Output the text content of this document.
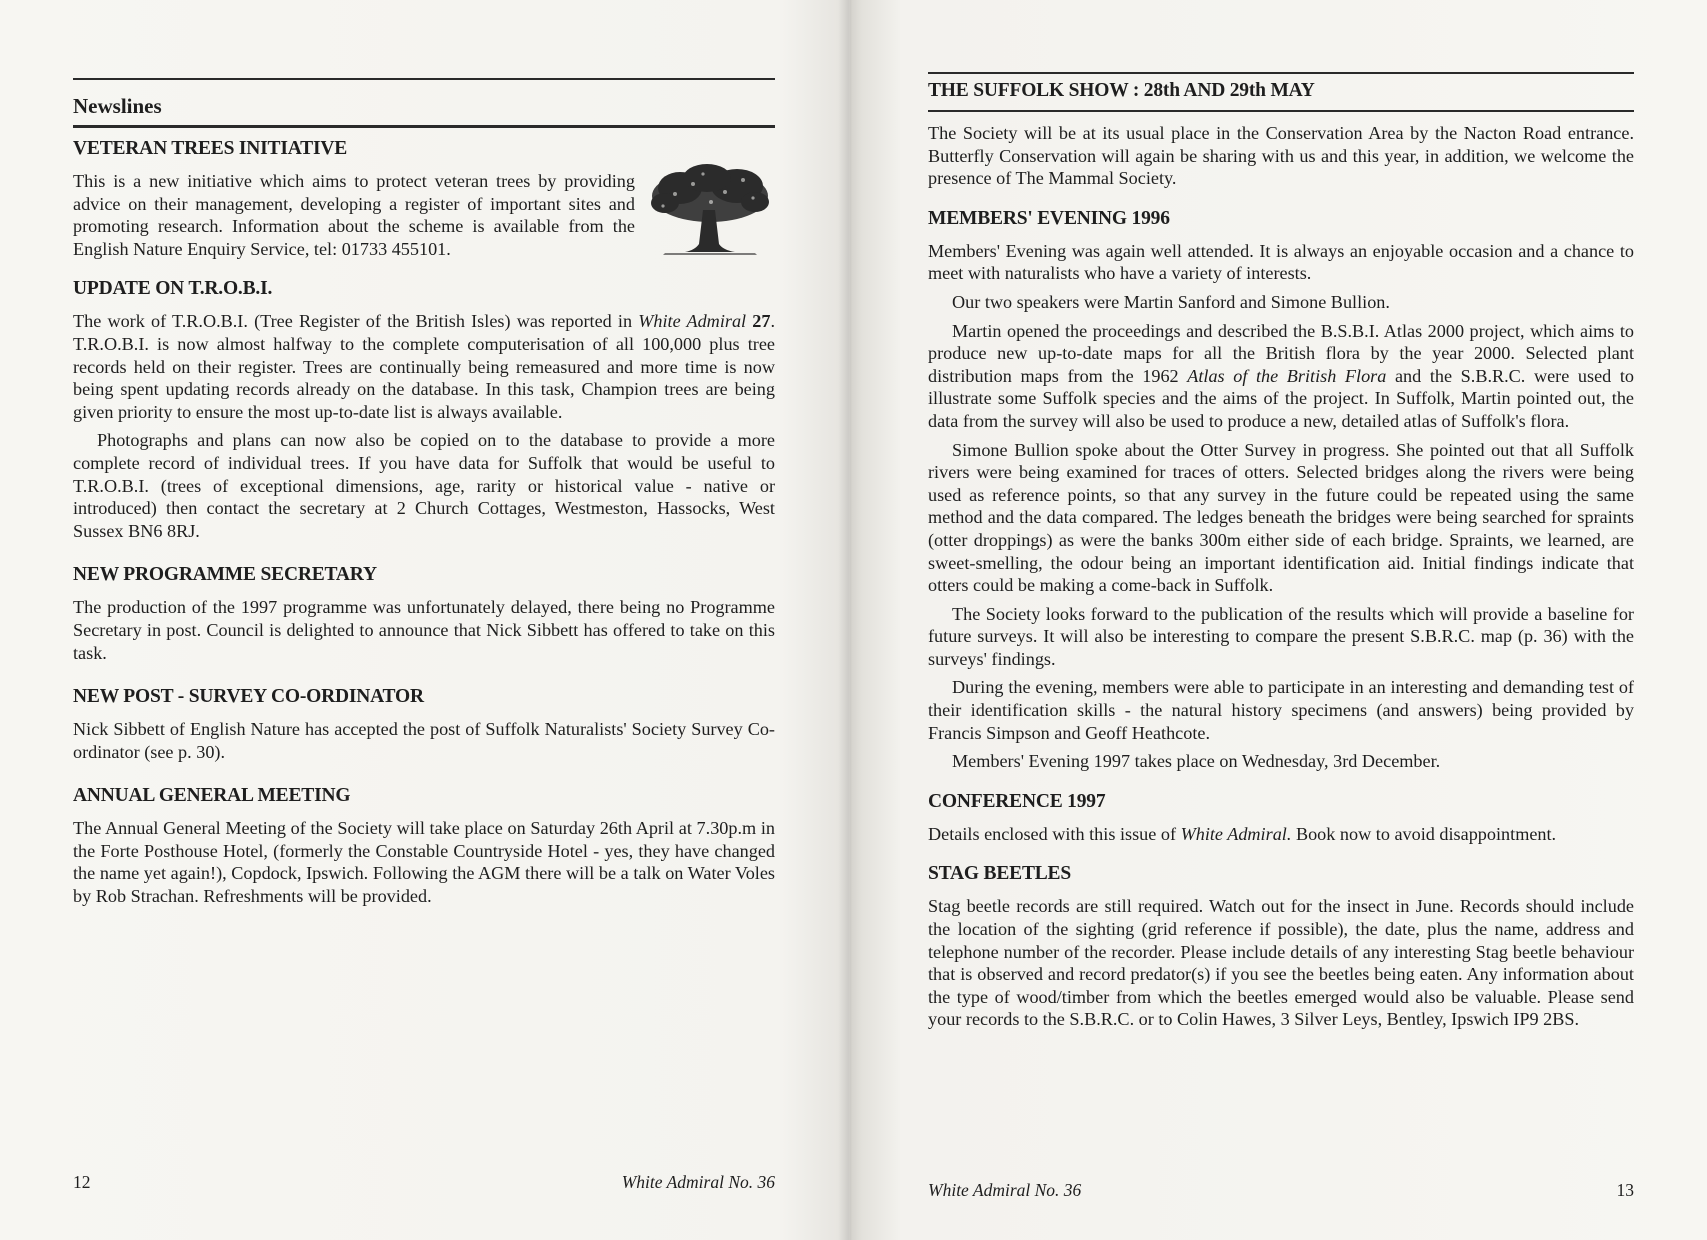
Newslines
VETERAN TREES INITIATIVE

This is a new initiative which aims to protect veteran trees by providing advice on their management, developing a register of important sites and promoting research. Information about the scheme is available from the English Nature Enquiry Service, tel: 01733 455101.

UPDATE ON T.R.O.B.I.

The work of T.R.O.B.I. (Tree Register of the British Isles) was reported in White Admiral 27. T.R.O.B.I. is now almost halfway to the complete computerisation of all 100,000 plus tree records held on their register. Trees are continually being remeasured and more time is now being spent updating records already on the database. In this task, Champion trees are being given priority to ensure the most up-to-date list is always available.

Photographs and plans can now also be copied on to the database to provide a more complete record of individual trees. If you have data for Suffolk that would be useful to T.R.O.B.I. (trees of exceptional dimensions, age, rarity or historical value - native or introduced) then contact the secretary at 2 Church Cottages, Westmeston, Hassocks, West Sussex BN6 8RJ.

NEW PROGRAMME SECRETARY

The production of the 1997 programme was unfortunately delayed, there being no Programme Secretary in post. Council is delighted to announce that Nick Sibbett has offered to take on this task.

NEW POST - SURVEY CO-ORDINATOR

Nick Sibbett of English Nature has accepted the post of Suffolk Naturalists' Society Survey Co-ordinator (see p. 30).

ANNUAL GENERAL MEETING

The Annual General Meeting of the Society will take place on Saturday 26th April at 7.30p.m in the Forte Posthouse Hotel, (formerly the Constable Countryside Hotel - yes, they have changed the name yet again!), Copdock, Ipswich. Following the AGM there will be a talk on Water Voles by Rob Strachan. Refreshments will be provided.

12	White Admiral No. 36
THE SUFFOLK SHOW : 28th AND 29th MAY

The Society will be at its usual place in the Conservation Area by the Nacton Road entrance. Butterfly Conservation will again be sharing with us and this year, in addition, we welcome the presence of The Mammal Society.

MEMBERS' EVENING 1996

Members' Evening was again well attended. It is always an enjoyable occasion and a chance to meet with naturalists who have a variety of interests.

Our two speakers were Martin Sanford and Simone Bullion.

Martin opened the proceedings and described the B.S.B.I. Atlas 2000 project, which aims to produce new up-to-date maps for all the British flora by the year 2000. Selected plant distribution maps from the 1962 Atlas of the British Flora and the S.B.R.C. were used to illustrate some Suffolk species and the aims of the project. In Suffolk, Martin pointed out, the data from the survey will also be used to produce a new, detailed atlas of Suffolk's flora.

Simone Bullion spoke about the Otter Survey in progress. She pointed out that all Suffolk rivers were being examined for traces of otters. Selected bridges along the rivers were being used as reference points, so that any survey in the future could be repeated using the same method and the data compared. The ledges beneath the bridges were being searched for spraints (otter droppings) as were the banks 300m either side of each bridge. Spraints, we learned, are sweet-smelling, the odour being an important identification aid. Initial findings indicate that otters could be making a come-back in Suffolk.

The Society looks forward to the publication of the results which will provide a baseline for future surveys. It will also be interesting to compare the present S.B.R.C. map (p. 36) with the surveys' findings.

During the evening, members were able to participate in an interesting and demanding test of their identification skills - the natural history specimens (and answers) being provided by Francis Simpson and Geoff Heathcote.

Members' Evening 1997 takes place on Wednesday, 3rd December.

CONFERENCE 1997

Details enclosed with this issue of White Admiral. Book now to avoid disappointment.

STAG BEETLES

Stag beetle records are still required. Watch out for the insect in June. Records should include the location of the sighting (grid reference if possible), the date, plus the name, address and telephone number of the recorder. Please include details of any interesting Stag beetle behaviour that is observed and record predator(s) if you see the beetles being eaten. Any information about the type of wood/timber from which the beetles emerged would also be valuable. Please send your records to the S.B.R.C. or to Colin Hawes, 3 Silver Leys, Bentley, Ipswich IP9 2BS.

White Admiral No. 36	13
